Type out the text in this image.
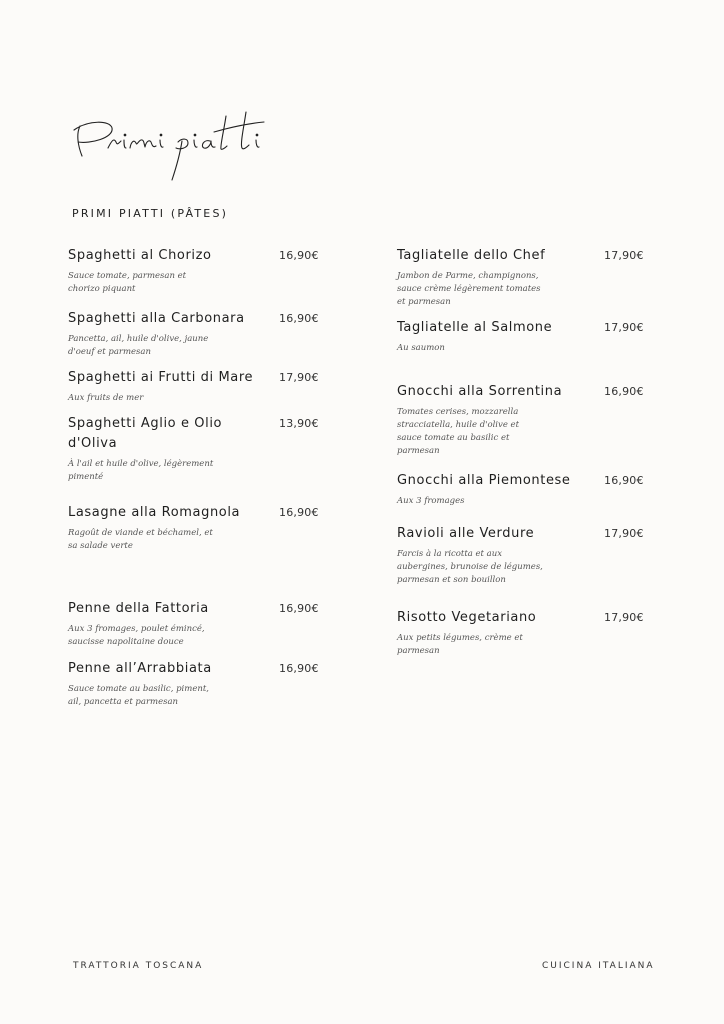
PRIMI PIATTI (PÂTES)
Spaghetti al Chorizo
Sauce tomate, parmesan et
chorizo piquant
16,90€
Spaghetti alla Carbonara
Pancetta, ail, huile d'olive, jaune
d'oeuf et parmesan
16,90€
Spaghetti ai Frutti di Mare
Aux fruits de mer
17,90€
Spaghetti Aglio e Olio
d'Oliva
À l'ail et huile d'olive, légèrement
pimenté
13,90€
Lasagne alla Romagnola
Ragoût de viande et béchamel, et
sa salade verte
16,90€
Penne della Fattoria
Aux 3 fromages, poulet émincé,
saucisse napolitaine douce
16,90€
Penne all’Arrabbiata
Sauce tomate au basilic, piment,
ail, pancetta et parmesan
16,90€
Tagliatelle dello Chef
Jambon de Parme, champignons,
sauce crème légèrement tomates
et parmesan
17,90€
Tagliatelle al Salmone
Au saumon
17,90€
Gnocchi alla Sorrentina
Tomates cerises, mozzarella
stracciatella, huile d'olive et
sauce tomate au basilic et
parmesan
16,90€
Gnocchi alla Piemontese
Aux 3 fromages
16,90€
Ravioli alle Verdure
Farcis à la ricotta et aux
aubergines, brunoise de légumes,
parmesan et son bouillon
17,90€
Risotto Vegetariano
Aux petits légumes, crème et
parmesan
17,90€
TRATTORIA TOSCANA	CUICINA ITALIANA
